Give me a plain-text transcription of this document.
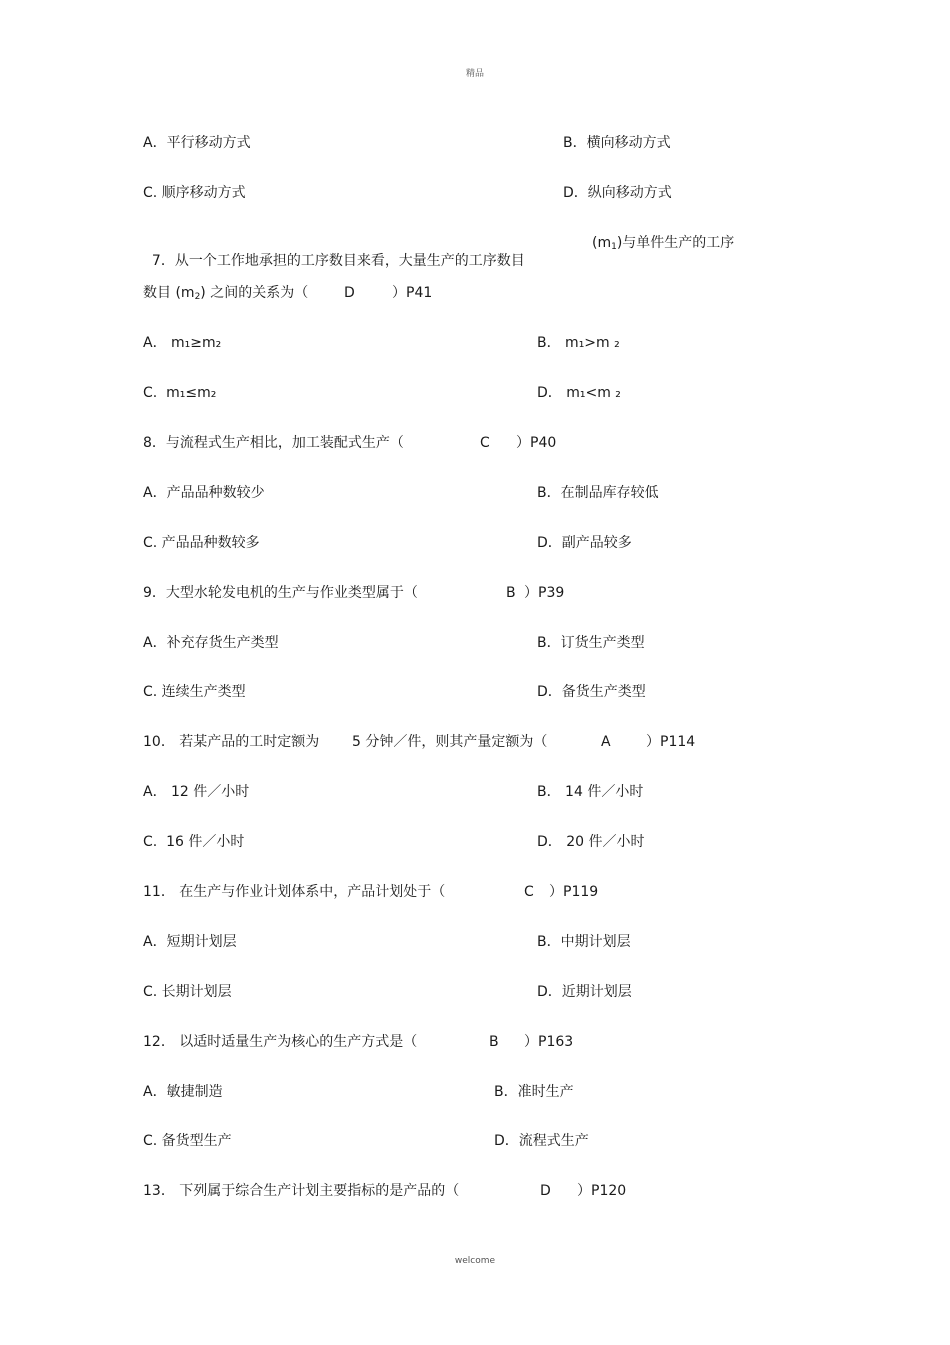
精品
A．平行移动方式	B．横向移动方式
C. 顺序移动方式	D．纵向移动方式

7．从一个工作地承担的工序数目来看，大量生产的工序数目

$(m_1)$与单件生产的工序
数目 $(m_2)$ 之间的关系为（	D	）P41
A． m₁≥m₂	B． m₁>m ₂
C.  m₁≤m₂	D． m₁<m ₂
8．与流程式生产相比，加工装配式生产（	C ）P40
A．产品品种数较少	B．在制品库存较低
C. 产品品种数较多	D．副产品较多
9．大型水轮发电机的生产与作业类型属于（	B ）P39
A．补充存货生产类型	B．订货生产类型
C. 连续生产类型	D．备货生产类型
10． 若某产品的工时定额为 5 分钟／件，则其产量定额为（	A	）P114
A． 12 件／小时	B． 14 件／小时
C.  16 件／小时	D． 20 件／小时
11． 在生产与作业计划体系中，产品计划处于（	C ）P119
A．短期计划层	B．中期计划层
C. 长期计划层	D．近期计划层
12． 以适时适量生产为核心的生产方式是（	B ）P163
A．敏捷制造	B．准时生产
C. 备货型生产	D．流程式生产
13． 下列属于综合生产计划主要指标的是产品的（	D ）P120
welcome
